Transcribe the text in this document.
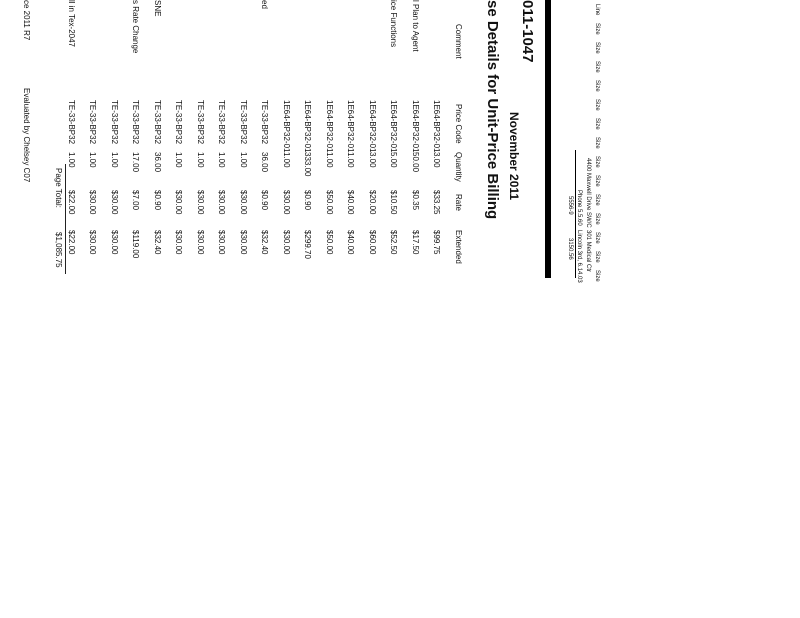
Line
Size
Size
Size
Size
Size
Size
Size
Size
Size
Size
Size
Size
Size
Size
4400 Maxwell Drive SW/C
301 Medical Ctr
Phone 5.5.60
Lincoln 3rd, 6.14.03
5556-9
3150.56
011-1047
November 2011
se Details for Unit-Price Billing
Comment
Price Code
Quantity
Rate
Extended
1E64-BP32-01
3.00
$33.25
$99.75
l Plan to Agent
1E64-BP32-01
50.00
$0.35
$17.50
ice Functions
1E64-BP32-01
5.00
$10.50
$52.50
1E64-BP32-01
3.00
$20.00
$60.00
1E64-BP32-01
1.00
$40.00
$40.00
1E64-BP32-01
1.00
$50.00
$50.00
1E64-BP32-01
333.00
$0.90
$299.70
1E64-BP32-01
1.00
$30.00
$30.00
ed
TE-33-BP32
36.00
$0.90
$32.40
TE-33-BP32
1.00
$30.00
$30.00
TE-33-BP32
1.00
$30.00
$30.00
TE-33-BP32
1.00
$30.00
$30.00
TE-33-BP32
1.00
$30.00
$30.00
SNE
TE-33-BP32
36.00
$0.90
$32.40
s Rate Change
TE-33-BP32
17.00
$7.00
$119.00
TE-33-BP32
1.00
$30.00
$30.00
TE-33-BP32
1.00
$30.00
$30.00
ll in Tex-2047
TE-33-BP32
1.00
$22.00
$22.00
Page Total:
$1,085.75
ce 2011 R7
Evaluated by Chelsey C07
